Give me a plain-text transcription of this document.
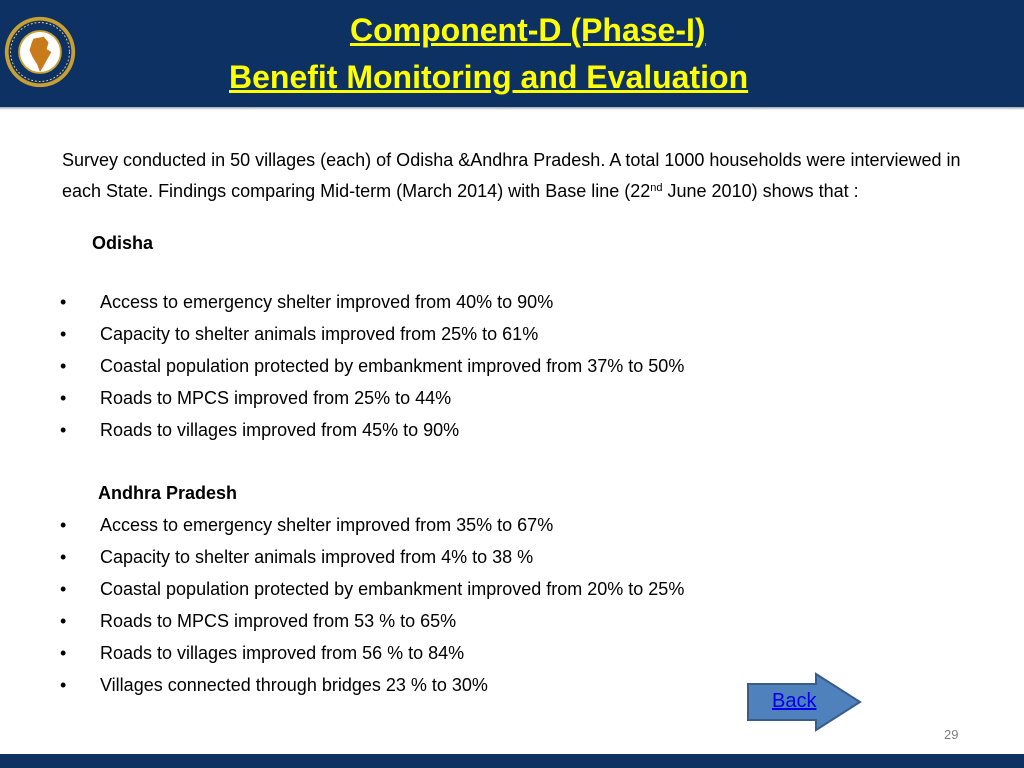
Component-D (Phase-I)
Benefit Monitoring and Evaluation

Survey conducted in 50 villages (each) of Odisha &Andhra Pradesh. A total 1000 households were interviewed in each State. Findings comparing Mid-term (March 2014) with Base line (22nd June 2010) shows that :

Odisha
• Access to emergency shelter improved from 40% to 90%
• Capacity to shelter animals improved from 25% to 61%
• Coastal population protected by embankment improved from 37% to 50%
• Roads to MPCS improved from 25% to 44%
• Roads to villages improved from 45% to 90%
Andhra Pradesh
• Access to emergency shelter improved from 35% to 67%
• Capacity to shelter animals improved from 4% to 38 %
• Coastal population protected by embankment improved from 20% to 25%
• Roads to MPCS improved from 53 % to 65%
• Roads to villages improved from 56 % to 84%
• Villages connected through bridges 23 % to 30%
Back
29
